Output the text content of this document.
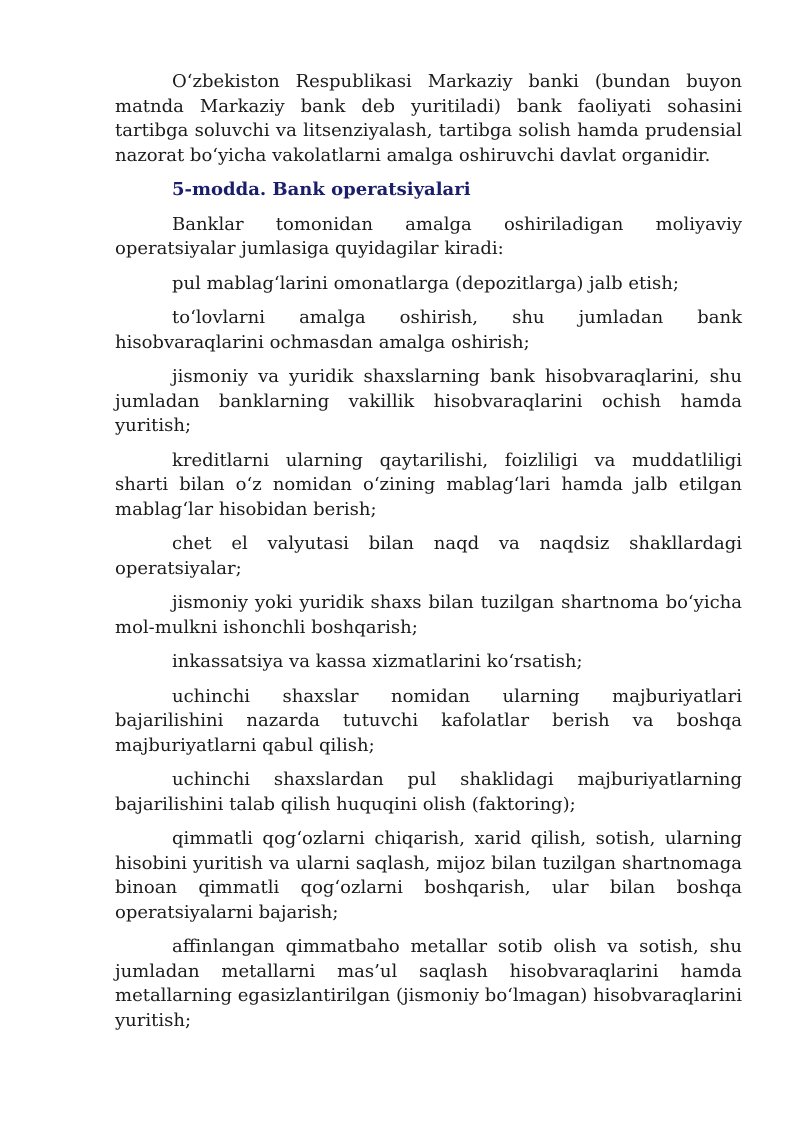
O‘zbekiston Respublikasi Markaziy banki (bundan buyon matnda Markaziy bank deb yuritiladi) bank faoliyati sohasini tartibga soluvchi va litsenziyalash, tartibga solish hamda prudensial nazorat bo‘yicha vakolatlarni amalga oshiruvchi davlat organidir.

5-modda. Bank operatsiyalari

Banklar tomonidan amalga oshiriladigan moliyaviy operatsiyalar jumlasiga quyidagilar kiradi:

pul mablag‘larini omonatlarga (depozitlarga) jalb etish;

to‘lovlarni amalga oshirish, shu jumladan bank hisobvaraqlarini ochmasdan amalga oshirish;

jismoniy va yuridik shaxslarning bank hisobvaraqlarini, shu jumladan banklarning vakillik hisobvaraqlarini ochish hamda yuritish;

kreditlarni ularning qaytarilishi, foizliligi va muddatliligi sharti bilan o‘z nomidan o‘zining mablag‘lari hamda jalb etilgan mablag‘lar hisobidan berish;

chet el valyutasi bilan naqd va naqdsiz shakllardagi operatsiyalar;

jismoniy yoki yuridik shaxs bilan tuzilgan shartnoma bo‘yicha mol-mulkni ishonchli boshqarish;

inkassatsiya va kassa xizmatlarini ko‘rsatish;

uchinchi shaxslar nomidan ularning majburiyatlari bajarilishini nazarda tutuvchi kafolatlar berish va boshqa majburiyatlarni qabul qilish;

uchinchi shaxslardan pul shaklidagi majburiyatlarning bajarilishini talab qilish huquqini olish (faktoring);

qimmatli qog‘ozlarni chiqarish, xarid qilish, sotish, ularning hisobini yuritish va ularni saqlash, mijoz bilan tuzilgan shartnomaga binoan qimmatli qog‘ozlarni boshqarish, ular bilan boshqa operatsiyalarni bajarish;

affinlangan qimmatbaho metallar sotib olish va sotish, shu jumladan metallarni mas’ul saqlash hisobvaraqlarini hamda metallarning egasizlantirilgan (jismoniy bo‘lmagan) hisobvaraqlarini yuritish;
